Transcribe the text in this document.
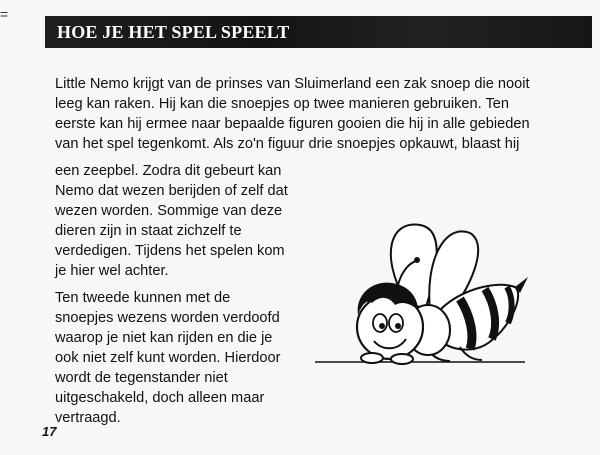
=
HOE JE HET SPEL SPEELT
Little Nemo krijgt van de prinses van Sluimerland een zak snoep die nooit
leeg kan raken. Hij kan die snoepjes op twee manieren gebruiken. Ten
eerste kan hij ermee naar bepaalde figuren gooien die hij in alle gebieden
van het spel tegenkomt. Als zo'n figuur drie snoepjes opkauwt, blaast hij
een zeepbel. Zodra dit gebeurt kan
Nemo dat wezen berijden of zelf dat
wezen worden. Sommige van deze
dieren zijn in staat zichzelf te
verdedigen. Tijdens het spelen kom
je hier wel achter.
Ten tweede kunnen met de
snoepjes wezens worden verdoofd
waarop je niet kan rijden en die je
ook niet zelf kunt worden. Hierdoor
wordt de tegenstander niet
uitgeschakeld, doch alleen maar
vertraagd.
17
